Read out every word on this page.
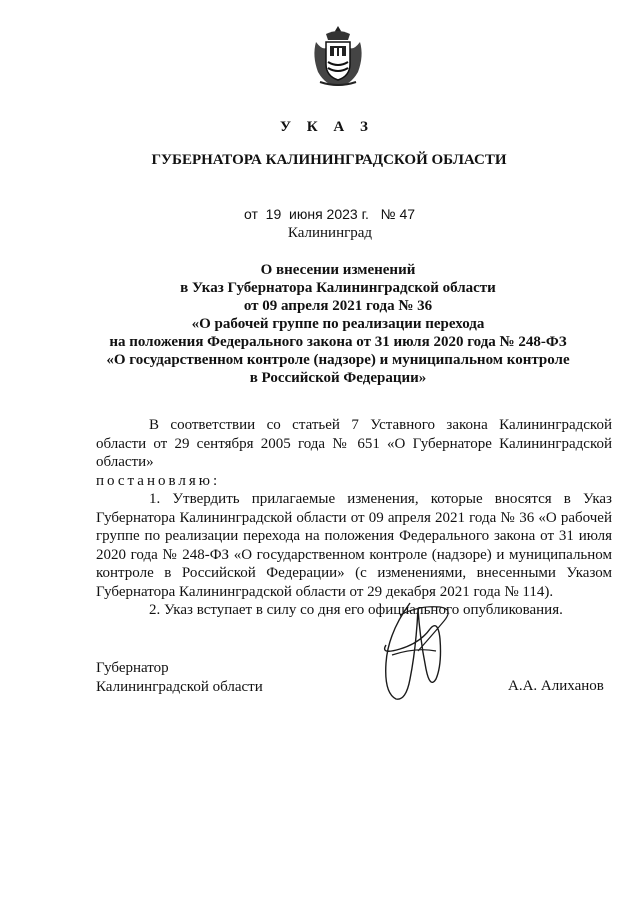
У К А З
ГУБЕРНАТОРА КАЛИНИНГРАДСКОЙ ОБЛАСТИ
от  19  июня 2023 г.   № 47
Калининград
О внесении изменений
в Указ Губернатора Калининградской области
от 09 апреля 2021 года № 36
«О рабочей группе по реализации перехода
на положения Федерального закона от 31 июля 2020 года № 248-ФЗ
«О государственном контроле (надзоре) и муниципальном контроле
в Российской Федерации»

В соответствии со статьей 7 Уставного закона Калининградской области от 29 сентября 2005 года № 651 «О Губернаторе Калининградской области»

постановляю:

1. Утвердить прилагаемые изменения, которые вносятся в Указ Губернатора Калининградской области от 09 апреля 2021 года № 36 «О рабочей группе по реализации перехода на положения Федерального закона от 31 июля 2020 года № 248-ФЗ «О государственном контроле (надзоре) и муниципальном контроле в Российской Федерации» (с изменениями, внесенными Указом Губернатора Калининградской области от 29 декабря 2021 года № 114).

2. Указ вступает в силу со дня его официального опубликования.

Губернатор
Калининградской области	А.А. Алиханов
